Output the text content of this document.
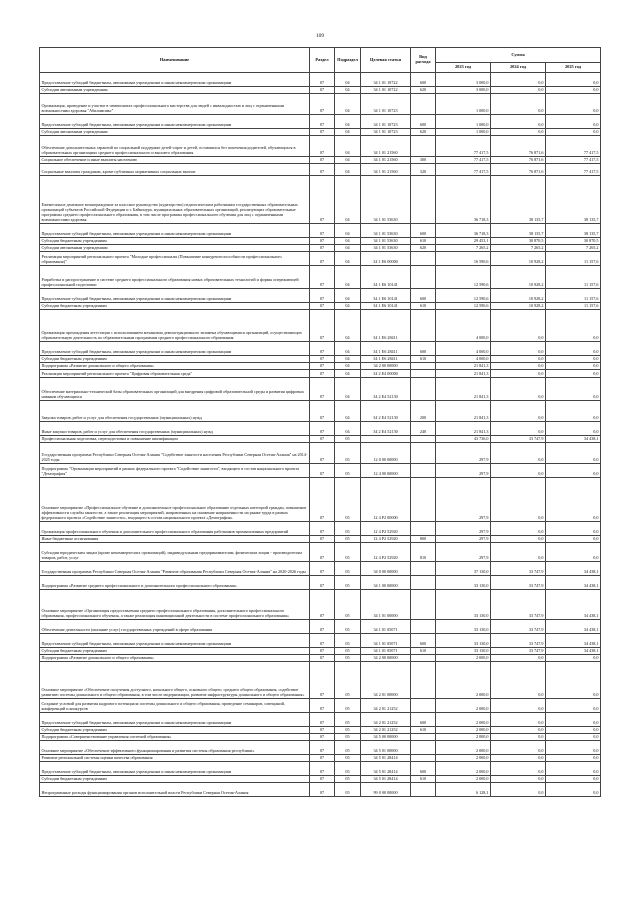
109
Наименование	Раздел	Подраздел	Целевая статья	Вид расхода	Сумма		
					2023 год	2024 год	2025 год
Предоставление субсидий бюджетным, автономным учреждениям и иным некоммерческим организациям	07	04	34 1 01 10722	600	3 000,0	0,0	0,0
Субсидии автономным учреждениям	07	04	34 1 01 10722	620	3 000,0	0,0	0,0
Организация, проведение и участие в чемпионатах профессионального мастерства для людей с инвалидностью и лиц с ограниченными возможностями здоровья "Абилимпикс"	07	04	34 1 01 10723		1 000,0	0,0	0,0
Предоставление субсидий бюджетным, автономным учреждениям и иным некоммерческим организациям	07	04	34 1 01 10723	600	1 000,0	0,0	0,0
Субсидии автономным учреждениям	07	04	34 1 01 10723	620	1 000,0	0,0	0,0
Обеспечение дополнительных гарантий по социальной поддержке детей-сирот и детей, оставшихся без попечения родителей, обучающихся в образовательных организациях среднего профессионального и высшего образования	07	04	34 1 01 21560		77 417,5	76 871,6	77 417,5
Социальное обеспечение и иные выплаты населению	07	04	34 1 01 21560	300	77 417,5	76 871,6	77 417,5
Социальные выплаты гражданам, кроме публичных нормативных социальных выплат	07	04	34 1 01 21560	320	77 417,5	76 871,6	77 417,5
Ежемесячное денежное вознаграждение за классное руководство (кураторство) педагогическим работникам государственных образовательных организаций субъектов Российской Федерации и г. Байконура, муниципальных образовательных организаций, реализующих образовательные программы среднего профессионального образования, в том числе программы профессионального обучения для лиц с ограниченными возможностями здоровья	07	04	34 1 01 53630		36 718,3	38 135,7	38 135,7
Предоставление субсидий бюджетным, автономным учреждениям и иным некоммерческим организациям	07	04	34 1 01 53630	600	36 718,3	38 135,7	38 135,7
Субсидии бюджетным учреждениям	07	04	34 1 01 53630	610	29 453,1	30 870,5	30 870,5
Субсидии автономным учреждениям	07	04	34 1 01 53630	620	7 265,2	7 265,2	7 265,2
Реализация мероприятий регионального проекта "Молодые профессионалы (Повышение конкурентоспособности профессионального образования)"	07	04	34 1 E6 00000		16 590,6	10 928,2	11 157,6
Разработка и распространение в системе среднего профессионального образования новых образовательных технологий и формы опережающей профессиональной подготовки	07	04	34 1 E6 10141		12 590,6	10 928,2	11 157,6
Предоставление субсидий бюджетным, автономным учреждениям и иным некоммерческим организациям	07	04	34 1 E6 10141	600	12 590,6	10 928,2	11 157,6
Субсидии бюджетным учреждениям	07	04	34 1 E6 10141	610	12 590,6	10 928,2	11 157,6
Организация прохождения аттестации с использованием механизма демонстрационного экзамена обучающимися организаций, осуществляющих образовательную деятельность по образовательным программам среднего профессионального образования	07	04	34 1 E6 28411		4 000,0	0,0	0,0
Предоставление субсидий бюджетным, автономным учреждениям и иным некоммерческим организациям	07	04	34 1 E6 28411	600	4 000,0	0,0	0,0
Субсидии бюджетным учреждениям	07	04	34 1 E6 28411	610	4 000,0	0,0	0,0
Подпрограмма «Развитие дошкольного и общего образования»	07	04	34 2 00 00000		21 841,3	0,0	0,0
Реализация мероприятий регионального проекта "Цифровая образовательная среда"	07	04	34 2 E4 00000		21 841,3	0,0	0,0
Обеспечение материально-технической базы образовательных организаций для внедрения цифровой образовательной среды и развития цифровых навыков обучающихся	07	04	34 2 E4 52130		21 841,3	0,0	0,0
Закупка товаров, работ и услуг для обеспечения государственных (муниципальных) нужд	07	04	34 2 E4 52130	200	21 841,3	0,0	0,0
Иные закупки товаров, работ и услуг для обеспечения государственных (муниципальных) нужд	07	04	34 2 E4 52130	240	21 841,3	0,0	0,0
Профессиональная подготовка, переподготовка и повышение квалификации	07	05			43 736,0	33 747,9	34 438,1
Государственная программа Республики Северная Осетия-Алания "Содействие занятости населения Республики Северная Осетия-Алания" на 2014-2025 годы	07	05	12 0 00 00000		297,9	0,0	0,0
Подпрограмма "Организация мероприятий в рамках федерального проекта "Содействие занятости", входящего в состав национального проекта "Демография"	07	05	12 4 00 00000		297,9	0,0	0,0
Основное мероприятие «Профессиональное обучение и дополнительное профессиональное образование отдельных категорий граждан, повышение эффективности службы занятости, а также реализация мероприятий, направленных на снижение напряженности на рынке труда в рамках федерального проекта «Содействие занятости», входящего в состав национального проекта «Демография»	07	05	12 4 P2 00000		297,9	0,0	0,0
Организация профессионального обучения и дополнительного профессионального образования работников промышленных предприятий	07	05	12 4 P2 52920		297,9	0,0	0,0
Иные бюджетные ассигнования	07	05	12 4 P2 52920	800	297,9	0,0	0,0
Субсидии юридическим лицам (кроме некоммерческих организаций), индивидуальным предпринимателям, физическим лицам - производителям товаров, работ, услуг	07	05	12 4 P2 52920	810	297,9	0,0	0,0
Государственная программа Республики Северная Осетия-Алания "Развитие образования Республики Северная Осетия-Алания" на 2020-2026 годы	07	05	34 0 00 00000		37 130,0	33 747,9	34 438,1
Подпрограмма «Развитие среднего профессионального и дополнительного профессионального образования»	07	05	34 1 00 00000		33 130,0	33 747,9	34 438,1
Основное мероприятие «Организация предоставления среднего профессионального образования, дополнительного профессионального образования, профессионального обучения, а также реализация инновационной деятельности в системе профессионального образования»	07	05	34 1 01 00000		33 130,0	33 747,9	34 438,1
Обеспечение деятельности (оказание услуг) государственных учреждений в сфере образования	07	05	34 1 01 05071		33 130,0	33 747,9	34 438,1
Предоставление субсидий бюджетным, автономным учреждениям и иным некоммерческим организациям	07	05	34 1 01 05071	600	33 130,0	33 747,9	34 438,1
Субсидии бюджетным учреждениям	07	05	34 1 01 05071	610	33 130,0	33 747,9	34 438,1
Подпрограмма «Развитие дошкольного и общего образования»	07	05	34 2 00 00000		2 000,0	0,0	0,0
Основное мероприятие «Обеспечение получения доступного, начального общего, основного общего, среднего общего образования, содействие развитию системы дошкольного и общего образования, в том числе модернизации, развитие инфраструктуры дошкольного и общего образования»	07	05	34 2 01 00000		2 000,0	0,0	0,0
Создание условий для развития кадрового потенциала системы дошкольного и общего образования, проведение семинаров, совещаний, конференций и конкурсов	07	05	34 2 01 21252		2 000,0	0,0	0,0
Предоставление субсидий бюджетным, автономным учреждениям и иным некоммерческим организациям	07	05	34 2 01 21252	600	2 000,0	0,0	0,0
Субсидии бюджетным учреждениям	07	05	34 2 01 21252	610	2 000,0	0,0	0,0
Подпрограмма «Совершенствование управления системой образования»	07	05	34 5 00 00000		2 000,0	0,0	0,0
Основное мероприятие «Обеспечение эффективного функционирования и развития системы образования республики»	07	05	34 5 01 00000		2 000,0	0,0	0,0
Развитие региональной системы оценки качества образования	07	05	34 5 01 28414		2 000,0	0,0	0,0
Предоставление субсидий бюджетным, автономным учреждениям и иным некоммерческим организациям	07	05	34 5 01 28414	600	2 000,0	0,0	0,0
Субсидии бюджетным учреждениям	07	05	34 5 01 28414	610	2 000,0	0,0	0,0
Непрограммные расходы функционирования органов исполнительной власти Республики Северная Осетия-Алания	07	05	99 0 00 00000		6 128,1	0,0	0,0
